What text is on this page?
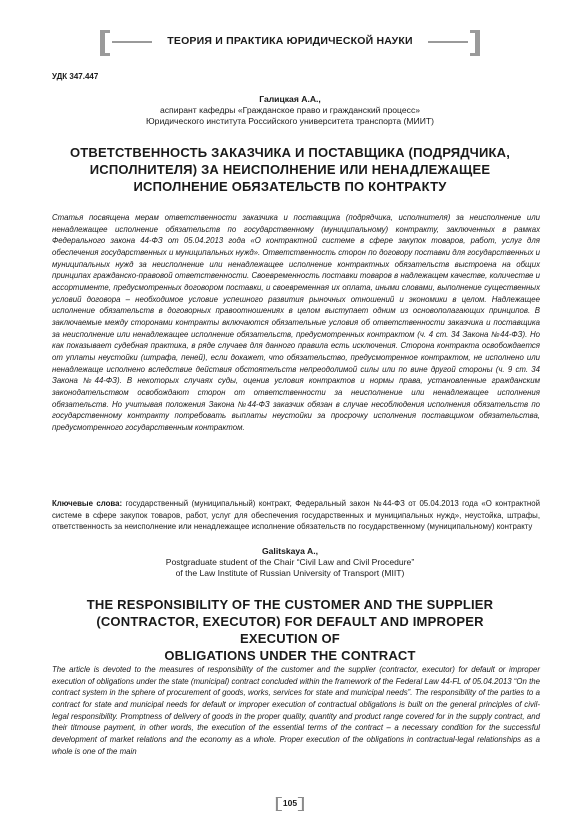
ТЕОРИЯ И ПРАКТИКА ЮРИДИЧЕСКОЙ НАУКИ
УДК 347.447
Галицкая А.А.,
аспирант кафедры «Гражданское право и гражданский процесс»
Юридического института Российского университета транспорта (МИИТ)
ОТВЕТСТВЕННОСТЬ ЗАКАЗЧИКА И ПОСТАВЩИКА (ПОДРЯДЧИКА,
ИСПОЛНИТЕЛЯ) ЗА НЕИСПОЛНЕНИЕ ИЛИ НЕНАДЛЕЖАЩЕЕ
ИСПОЛНЕНИЕ ОБЯЗАТЕЛЬСТВ ПО КОНТРАКТУ
Статья посвящена мерам ответственности заказчика и поставщика (подрядчика, исполнителя) за неисполнение или ненадлежащее исполнение обязательств по государственному (муниципальному) контракту, заключенных в рамках Федерального закона 44-ФЗ от 05.04.2013 года «О контрактной системе в сфере закупок товаров, работ, услуг для обеспечения государственных и муниципальных нужд». Ответственность сторон по договору поставки для государственных и муниципальных нужд за неисполнение или ненадлежащее исполнение контрактных обязательств выстроена на общих принципах гражданско-правовой ответственности. Своевременность поставки товаров в надлежащем качестве, количестве и ассортименте, предусмотренных договором поставки, и своевременная их оплата, иными словами, выполнение существенных условий договора – необходимое условие успешного развития рыночных отношений и экономики в целом. Надлежащее исполнение обязательств в договорных правоотношениях в целом выступает одним из основополагающих принципов. В заключаемые между сторонами контракты включаются обязательные условия об ответственности заказчика и поставщика за неисполнение или ненадлежащее исполнение обязательств, предусмотренных контрактом (ч. 4 ст. 34 Закона №44-ФЗ). Но как показывает судебная практика, в ряде случаев для данного правила есть исключения. Сторона контракта освобождается от уплаты неустойки (штрафа, пеней), если докажет, что обязательство, предусмотренное контрактом, не исполнено или ненадлежаще исполнено вследствие действия обстоятельств непреодолимой силы или по вине другой стороны (ч. 9 ст. 34 Закона №44-ФЗ). В некоторых случаях суды, оценив условия контрактов и нормы права, установленные гражданским законодательством освобождают сторон от ответственности за неисполнение или ненадлежащее исполнения обязательств. Но учитывая положения Закона №44-ФЗ заказчик обязан в случае несоблюдения исполнения обязательств по государственному контракту потребовать выплаты неустойки за просрочку исполнения поставщиком обязательства, предусмотренного государственным контрактом.
Ключевые слова: государственный (муниципальный) контракт, Федеральный закон №44-ФЗ от 05.04.2013 года «О контрактной системе в сфере закупок товаров, работ, услуг для обеспечения государственных и муниципальных нужд», неустойка, штрафы, ответственность за неисполнение или ненадлежащее исполнение обязательств по государственному (муниципальному) контракту
Galitskaya A.,
Postgraduate student of the Chair “Civil Law and Civil Procedure”
of the Law Institute of Russian University of Transport (MIIT)
THE RESPONSIBILITY OF THE CUSTOMER AND THE SUPPLIER
(CONTRACTOR, EXECUTOR) FOR DEFAULT AND IMPROPER EXECUTION OF
OBLIGATIONS UNDER THE CONTRACT
The article is devoted to the measures of responsibility of the customer and the supplier (contractor, executor) for default or improper execution of obligations under the state (municipal) contract concluded within the framework of the Federal Law 44-FL of 05.04.2013 “On the contract system in the sphere of procurement of goods, works, services for state and municipal needs”. The responsibility of the parties to a contract for state and municipal needs for default or improper execution of contractual obligations is built on the general principles of civil-legal responsibility. Promptness of delivery of goods in the proper quality, quantity and product range covered for in the supply contract, and their titmouse payment, in other words, the execution of the essential terms of the contract – a necessary condition for the successful development of market relations and the economy as a whole. Proper execution of the obligations in contractual-legal relationships as a whole is one of the main
105
